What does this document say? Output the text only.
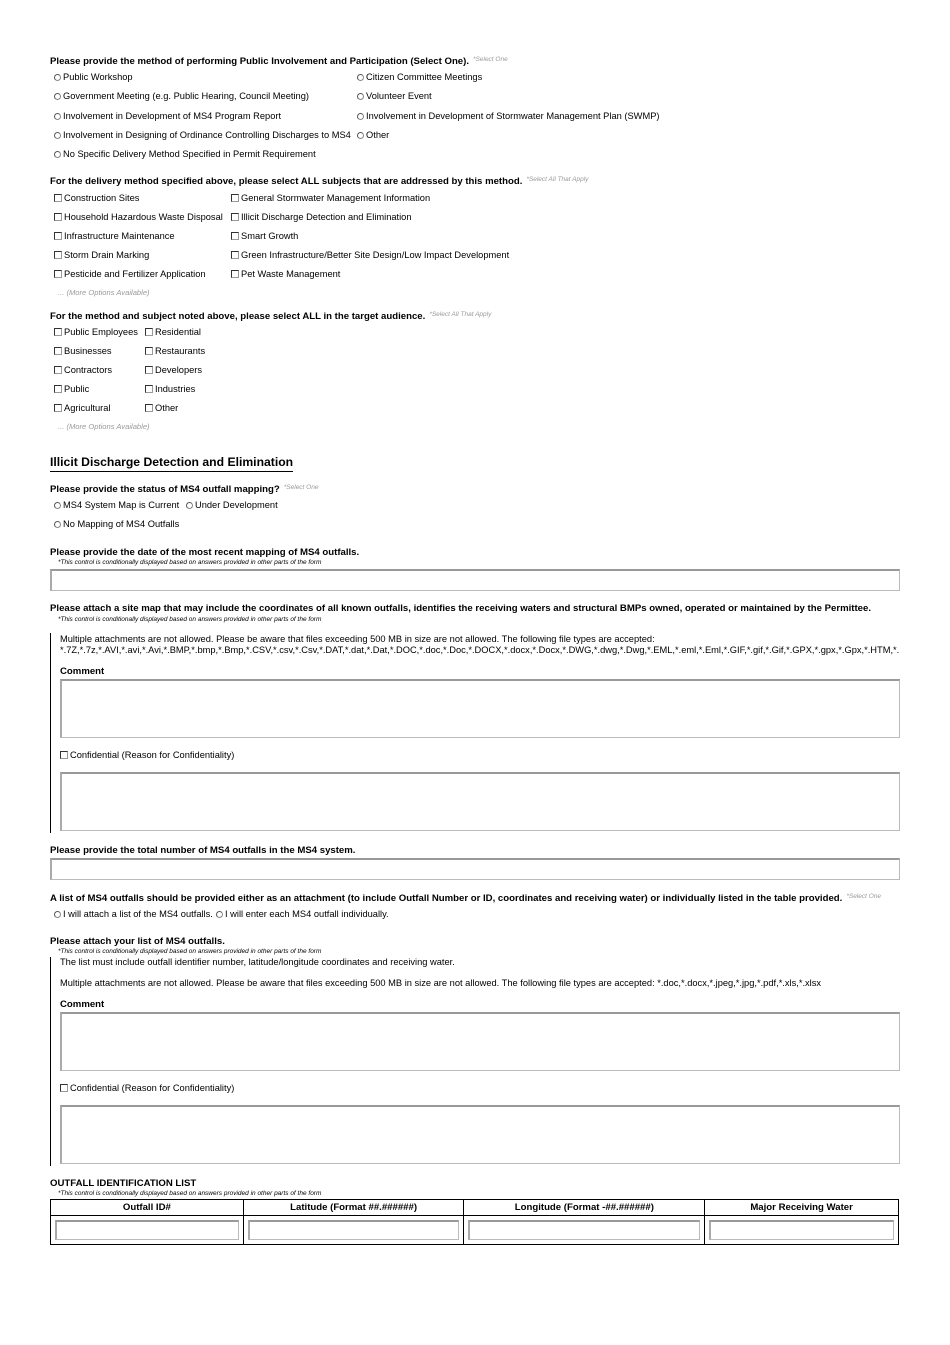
Please provide the method of performing Public Involvement and Participation (Select One). $^{*Select One}$
Public Workshop
Government Meeting (e.g. Public Hearing, Council Meeting)
Involvement in Development of MS4 Program Report
Involvement in Designing of Ordinance Controlling Discharges to MS4
No Specific Delivery Method Specified in Permit Requirement
Citizen Committee Meetings
Volunteer Event
Involvement in Development of Stormwater Management Plan (SWMP)
Other
For the delivery method specified above, please select ALL subjects that are addressed by this method. $^{*Select All That Apply}$
Construction Sites
Household Hazardous Waste Disposal
Infrastructure Maintenance
Storm Drain Marking
Pesticide and Fertilizer Application
General Stormwater Management Information
Illicit Discharge Detection and Elimination
Smart Growth
Green Infrastructure/Better Site Design/Low Impact Development
Pet Waste Management
... (More Options Available)
For the method and subject noted above, please select ALL in the target audience. $^{*Select All That Apply}$
Public Employees
Businesses
Contractors
Public
Agricultural
Residential
Restaurants
Developers
Industries
Other
... (More Options Available)
Illicit Discharge Detection and Elimination
Please provide the status of MS4 outfall mapping? $^{*Select One}$
MS4 System Map is Current Under Development
No Mapping of MS4 Outfalls
Please provide the date of the most recent mapping of MS4 outfalls.
*This control is conditionally displayed based on answers provided in other parts of the form
Please attach a site map that may include the coordinates of all known outfalls, identifies the receiving waters and structural BMPs owned, operated or maintained by the Permittee.
*This control is conditionally displayed based on answers provided in other parts of the form
Multiple attachments are not allowed. Please be aware that files exceeding 500 MB in size are not allowed. The following file types are accepted:
*.7Z,*.7z,*.AVI,*.avi,*.Avi,*.BMP,*.bmp,*.Bmp,*.CSV,*.csv,*.Csv,*.DAT,*.dat,*.Dat,*.DOC,*.doc,*.Doc,*.DOCX,*.docx,*.Docx,*.DWG,*.dwg,*.Dwg,*.EML,*.eml,*.Eml,*.GIF,*.gif,*.Gif,*.GPX,*.gpx,*.Gpx,*.HTM,*.
Comment
Confidential (Reason for Confidentiality)
Please provide the total number of MS4 outfalls in the MS4 system.
A list of MS4 outfalls should be provided either as an attachment (to include Outfall Number or ID, coordinates and receiving water) or individually listed in the table provided. $^{*Select One}$
I will attach a list of the MS4 outfalls. I will enter each MS4 outfall individually.
Please attach your list of MS4 outfalls.
*This control is conditionally displayed based on answers provided in other parts of the form
The list must include outfall identifier number, latitude/longitude coordinates and receiving water.
Multiple attachments are not allowed. Please be aware that files exceeding 500 MB in size are not allowed. The following file types are accepted: *.doc,*.docx,*.jpeg,*.jpg,*.pdf,*.xls,*.xlsx
Comment
Confidential (Reason for Confidentiality)
OUTFALL IDENTIFICATION LIST
*This control is conditionally displayed based on answers provided in other parts of the form
Outfall ID#	Latitude (Format ##.######)	Longitude (Format -##.######)	Major Receiving Water
